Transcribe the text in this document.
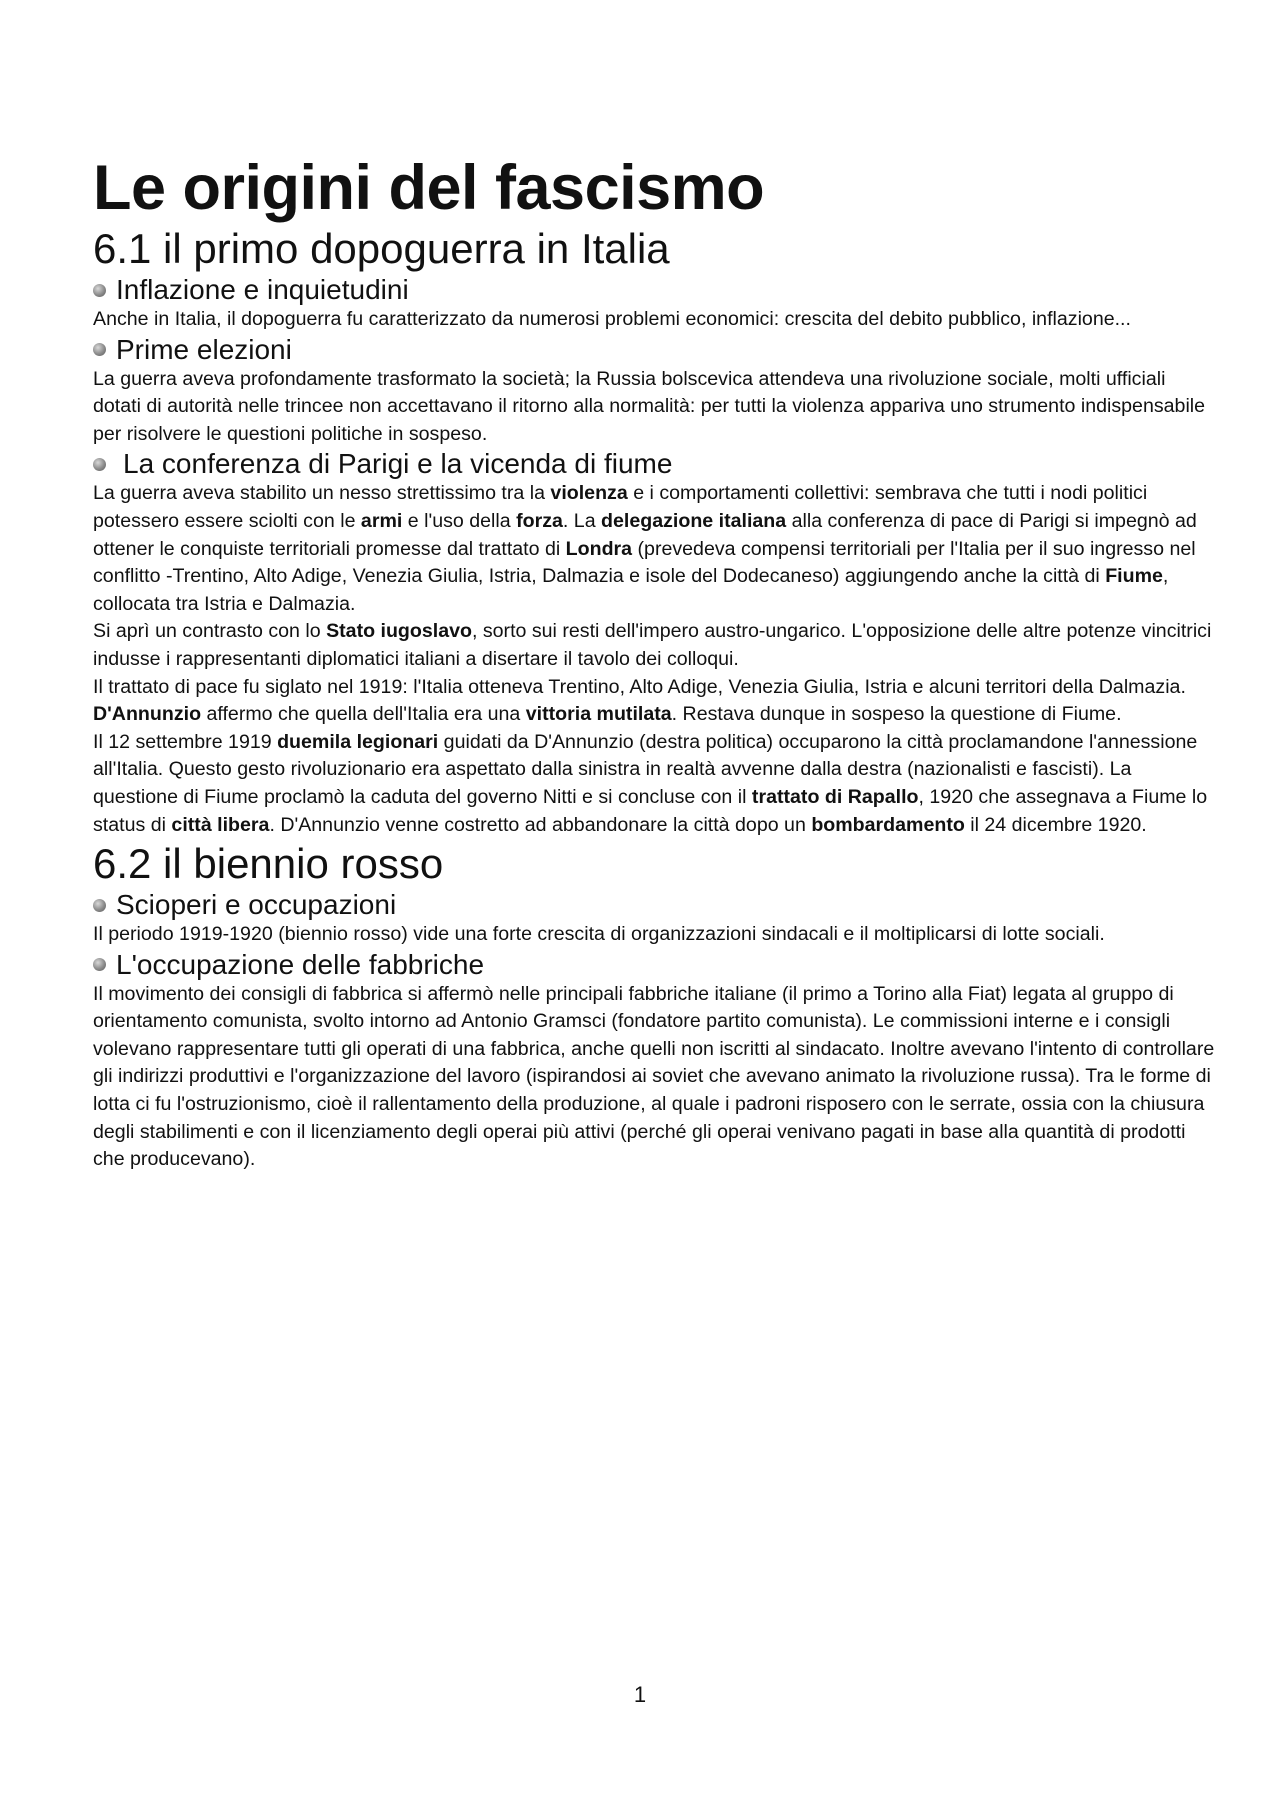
Le origini del fascismo
6.1 il primo dopoguerra in Italia
Inflazione e inquietudini

Anche in Italia, il dopoguerra fu caratterizzato da numerosi problemi economici: crescita del debito pubblico, inflazione...

Prime elezioni

La guerra aveva profondamente trasformato la società; la Russia bolscevica attendeva una rivoluzione sociale, molti ufficiali dotati di autorità nelle trincee non accettavano il ritorno alla normalità: per tutti la violenza appariva uno strumento indispensabile per risolvere le questioni politiche in sospeso.

La conferenza di Parigi e la vicenda di fiume

La guerra aveva stabilito un nesso strettissimo tra la violenza e i comportamenti collettivi: sembrava che tutti i nodi politici potessero essere sciolti con le armi e l'uso della forza. La delegazione italiana alla conferenza di pace di Parigi si impegnò ad ottener le conquiste territoriali promesse dal trattato di Londra (prevedeva compensi territoriali per l'Italia per il suo ingresso nel conflitto -Trentino, Alto Adige, Venezia Giulia, Istria, Dalmazia e isole del Dodecaneso) aggiungendo anche la città di Fiume, collocata tra Istria e Dalmazia.

Si aprì un contrasto con lo Stato iugoslavo, sorto sui resti dell'impero austro-ungarico. L'opposizione delle altre potenze vincitrici indusse i rappresentanti diplomatici italiani a disertare il tavolo dei colloqui.

Il trattato di pace fu siglato nel 1919: l'Italia otteneva Trentino, Alto Adige, Venezia Giulia, Istria e alcuni territori della Dalmazia. D'Annunzio affermo che quella dell'Italia era una vittoria mutilata. Restava dunque in sospeso la questione di Fiume.

Il 12 settembre 1919 duemila legionari guidati da D'Annunzio (destra politica) occuparono la città proclamandone l'annessione all'Italia. Questo gesto rivoluzionario era aspettato dalla sinistra in realtà avvenne dalla destra (nazionalisti e fascisti). La questione di Fiume proclamò la caduta del governo Nitti e si concluse con il trattato di Rapallo, 1920 che assegnava a Fiume lo status di città libera. D'Annunzio venne costretto ad abbandonare la città dopo un bombardamento il 24 dicembre 1920.

6.2 il biennio rosso
Scioperi e occupazioni

Il periodo 1919-1920 (biennio rosso) vide una forte crescita di organizzazioni sindacali e il moltiplicarsi di lotte sociali.

L'occupazione delle fabbriche

Il movimento dei consigli di fabbrica si affermò nelle principali fabbriche italiane (il primo a Torino alla Fiat) legata al gruppo di orientamento comunista, svolto intorno ad Antonio Gramsci (fondatore partito comunista). Le commissioni interne e i consigli volevano rappresentare tutti gli operati di una fabbrica, anche quelli non iscritti al sindacato. Inoltre avevano l'intento di controllare gli indirizzi produttivi e l'organizzazione del lavoro (ispirandosi ai soviet che avevano animato la rivoluzione russa). Tra le forme di lotta ci fu l'ostruzionismo, cioè il rallentamento della produzione, al quale i padroni risposero con le serrate, ossia con la chiusura degli stabilimenti e con il licenziamento degli operai più attivi (perché gli operai venivano pagati in base alla quantità di prodotti che producevano).

1
